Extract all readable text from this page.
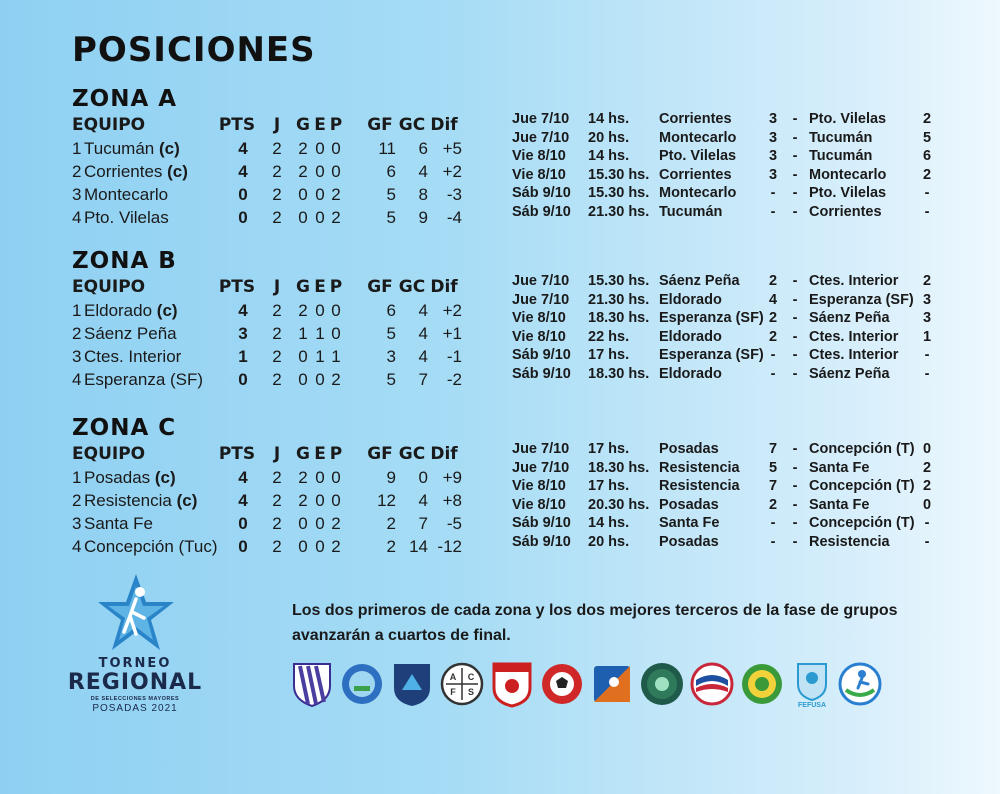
POSICIONES
ZONA A
EQUIPO	PTS	J G E P GF GC Dif
1 Tucumán (c)	4	2 2 0 0	11	6 +5
2 Corrientes (c)	4	2 2 0 0	6	4 +2
3 Montecarlo	0	2 0 0 2	5	8	-3
4 Pto. Vilelas	0	2 0 0 2	5	9	-4
Jue 7/10 14 hs. Corrientes	3 - Pto. Vilelas	2
Jue 7/10 20 hs. Montecarlo 3 - Tucumán	5
Vie 8/10 14 hs. Pto. Vilelas 3 - Tucumán	6
Vie 8/10 15.30 hs. Corrientes	3 - Montecarlo	2
Sáb 9/10 15.30 hs. Montecarlo	-	- Pto. Vilelas	-
Sáb 9/10 21.30 hs. Tucumán	-	- Corrientes	-
ZONA B
EQUIPO	PTS	J G E P GF GC Dif
1 Eldorado (c)	4	2 2 0 0	6	4 +2
2 Sáenz Peña	3	2 1 1 0	5	4 +1
3 Ctes. Interior	1	2 0 1 1	3	4	-1
4 Esperanza (SF)	0	2 0 0 2	5	7	-2
Jue 7/10 15.30 hs. Sáenz Peña 2 - Ctes. Interior 2
Jue 7/10 21.30 hs. Eldorado	4 - Esperanza (SF) 3
Vie 8/10 18.30 hs. Esperanza (SF) 2 - Sáenz Peña 3
Vie 8/10 22 hs. Eldorado	2 - Ctes. Interior 1
Sáb 9/10 17 hs. Esperanza (SF) -	- Ctes. Interior	-
Sáb 9/10 18.30 hs. Eldorado	-	- Sáenz Peña	-
ZONA C
EQUIPO	PTS	J G E P GF GC Dif
1 Posadas (c)	4	2 2 0 0	9	0 +9
2 Resistencia (c)	4	2 2 0 0	12	4 +8
3 Santa Fe	0	2 0 0 2	2	7	-5
4 Concepción (Tuc)	0	2 0 0 2	2 14 -12
Jue 7/10 17 hs. Posadas	7 - Concepción (T) 0
Jue 7/10 18.30 hs. Resistencia 5 - Santa Fe	2
Vie 8/10 17 hs. Resistencia 7 - Concepción (T) 2
Vie 8/10 20.30 hs. Posadas	2 - Santa Fe	0
Sáb 9/10 14 hs. Santa Fe	-	- Concepción (T) -
Sáb 9/10 20 hs. Posadas	-	- Resistencia	-
TORNEO
REGIONAL
DE SELECCIONES MAYORES
POSADAS 2021
Los dos primeros de cada zona y los dos mejores terceros de la fase de grupos avanzarán a cuartos de final.
A C
F S
FEFUSA
